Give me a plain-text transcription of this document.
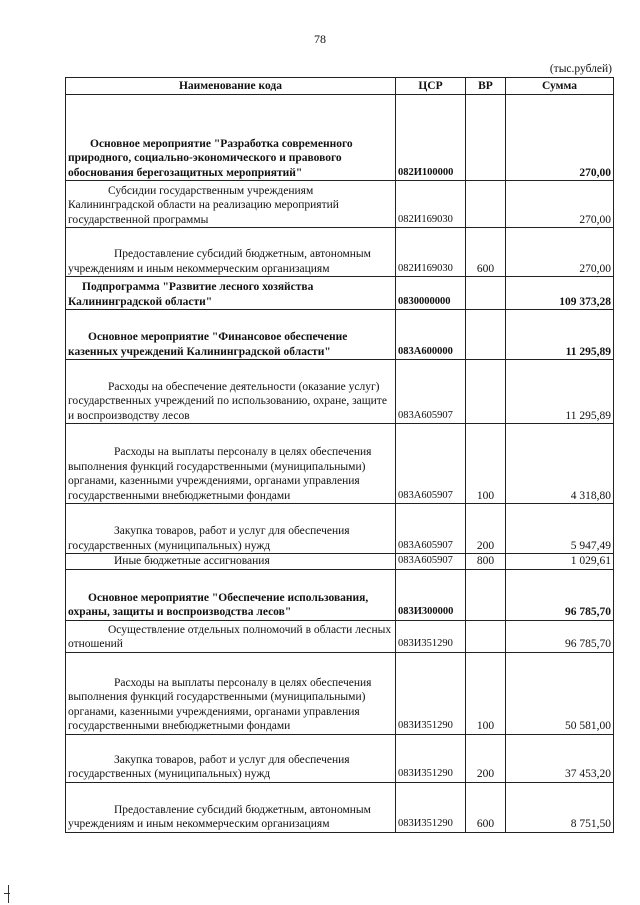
78
(тыс.рублей)
Наименование кода	ЦСР	ВР	Сумма

Основное мероприятие "Разработка современного природного, социально-экономического и правового обоснования берегозащитных мероприятий"	082И100000		270,00

Субсидии государственным учреждениям Калининградской области на реализацию мероприятий государственной программы	082И169030		270,00

Предоставление субсидий бюджетным, автономным учреждениям и иным некоммерческим организациям	082И169030	600	270,00

Подпрограмма "Развитие лесного хозяйства Калининградской области"	0830000000		109 373,28

Основное мероприятие "Финансовое обеспечение казенных учреждений Калининградской области"	083А600000		11 295,89

Расходы на обеспечение деятельности (оказание услуг) государственных учреждений по использованию, охране, защите и воспроизводству лесов	083А605907		11 295,89

Расходы на выплаты персоналу в целях обеспечения выполнения функций государственными (муниципальными) органами, казенными учреждениями, органами управления государственными внебюджетными фондами	083А605907	100	4 318,80

Закупка товаров, работ и услуг для обеспечения государственных (муниципальных) нужд	083А605907	200	5 947,49

Иные бюджетные ассигнования	083А605907	800	1 029,61

Основное мероприятие "Обеспечение использования, охраны, защиты и воспроизводства лесов"	083И300000		96 785,70

Осуществление отдельных полномочий в области лесных отношений	083И351290		96 785,70

Расходы на выплаты персоналу в целях обеспечения выполнения функций государственными (муниципальными) органами, казенными учреждениями, органами управления государственными внебюджетными фондами	083И351290	100	50 581,00

Закупка товаров, работ и услуг для обеспечения государственных (муниципальных) нужд	083И351290	200	37 453,20

Предоставление субсидий бюджетным, автономным учреждениям и иным некоммерческим организациям	083И351290	600	8 751,50
